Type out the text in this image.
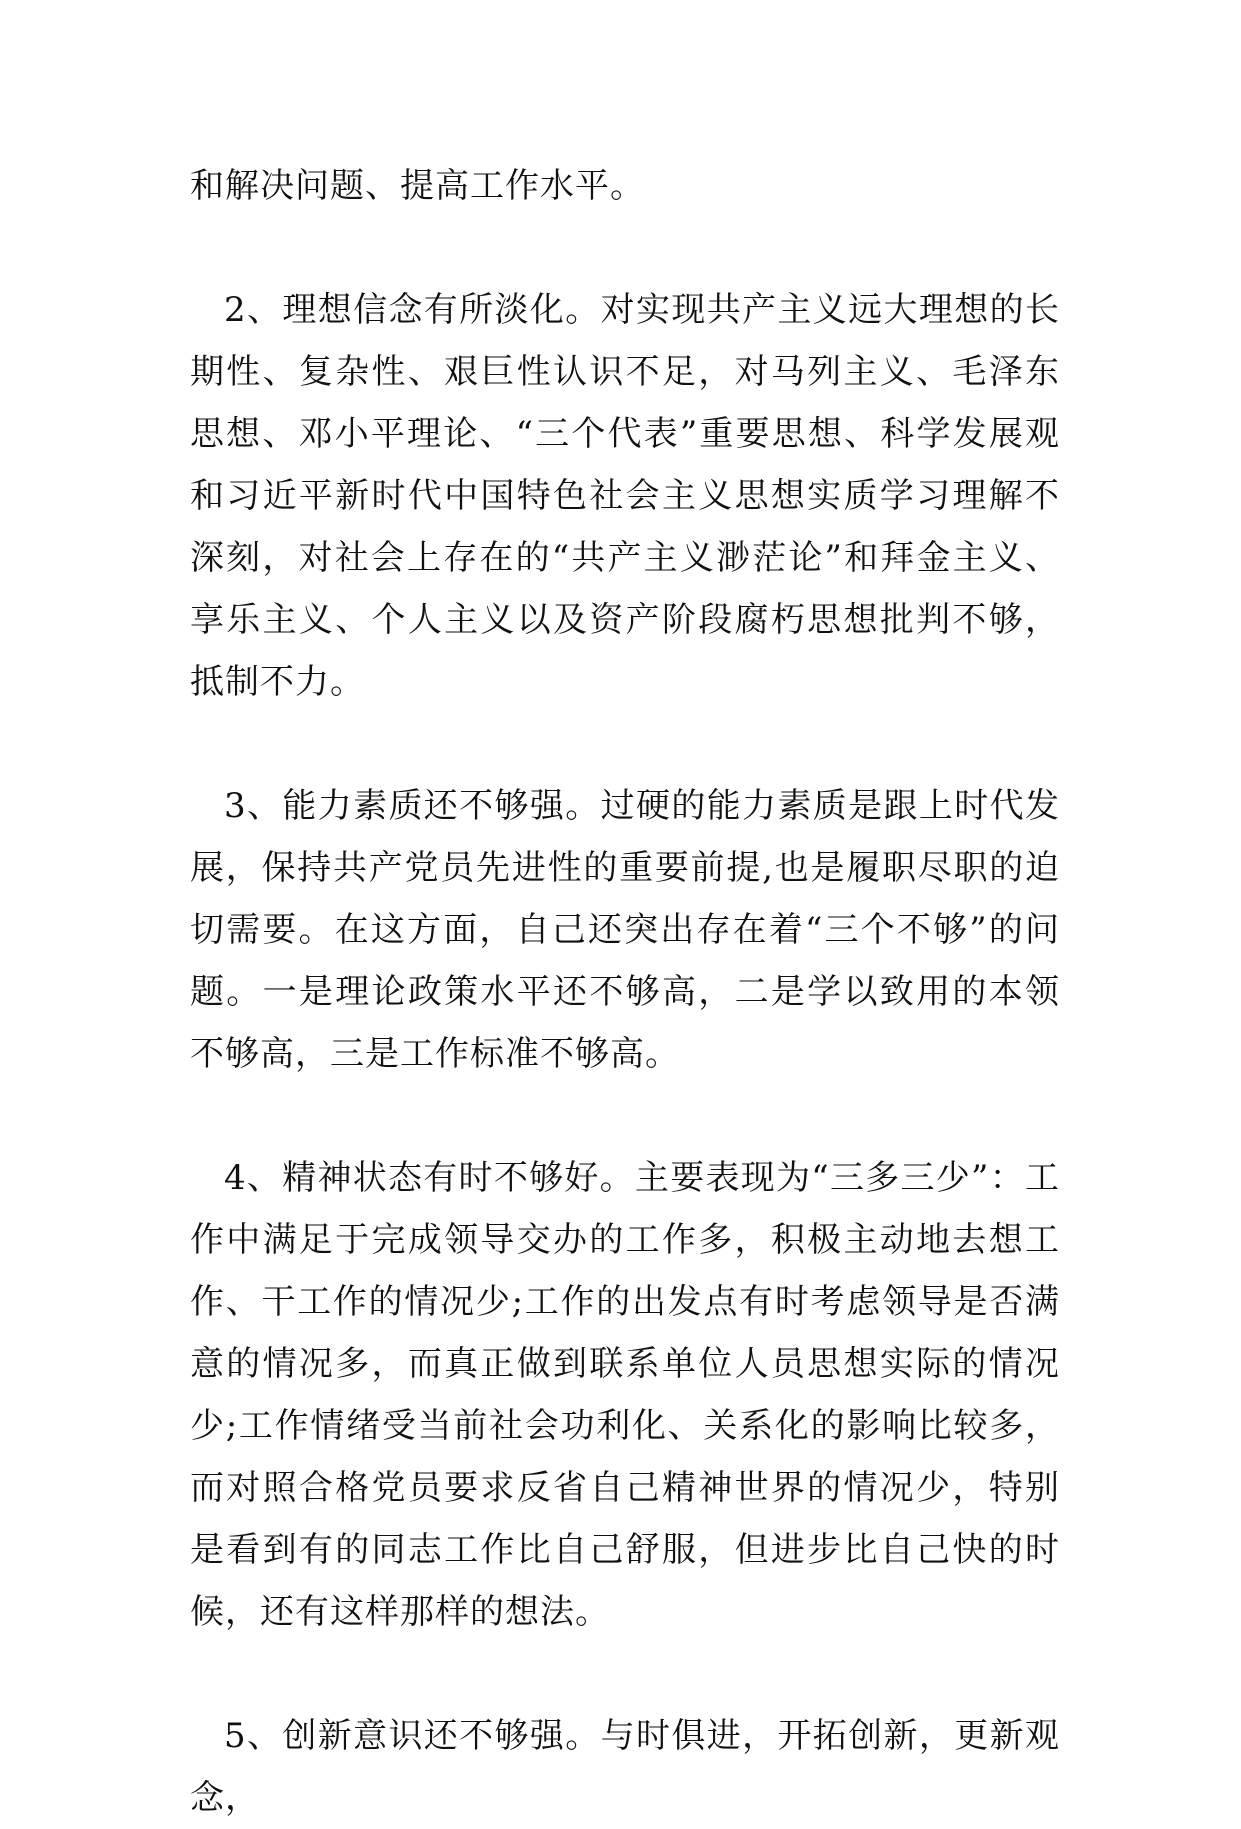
和解决问题、提高工作水平。

2、理想信念有所淡化。对实现共产主义远大理想的长期性、复杂性、艰巨性认识不足，对马列主义、毛泽东思想、邓小平理论、“三个代表”重要思想、科学发展观和习近平新时代中国特色社会主义思想实质学习理解不深刻，对社会上存在的“共产主义渺茫论”和拜金主义、享乐主义、个人主义以及资产阶段腐朽思想批判不够，抵制不力。

3、能力素质还不够强。过硬的能力素质是跟上时代发展，保持共产党员先进性的重要前提,也是履职尽职的迫切需要。在这方面，自己还突出存在着“三个不够”的问题。一是理论政策水平还不够高，二是学以致用的本领不够高，三是工作标准不够高。

4、精神状态有时不够好。主要表现为“三多三少”：工作中满足于完成领导交办的工作多，积极主动地去想工作、干工作的情况少;工作的出发点有时考虑领导是否满意的情况多，而真正做到联系单位人员思想实际的情况少;工作情绪受当前社会功利化、关系化的影响比较多，而对照合格党员要求反省自己精神世界的情况少，特别是看到有的同志工作比自己舒服，但进步比自己快的时候，还有这样那样的想法。

5、创新意识还不够强。与时俱进，开拓创新，更新观念，
